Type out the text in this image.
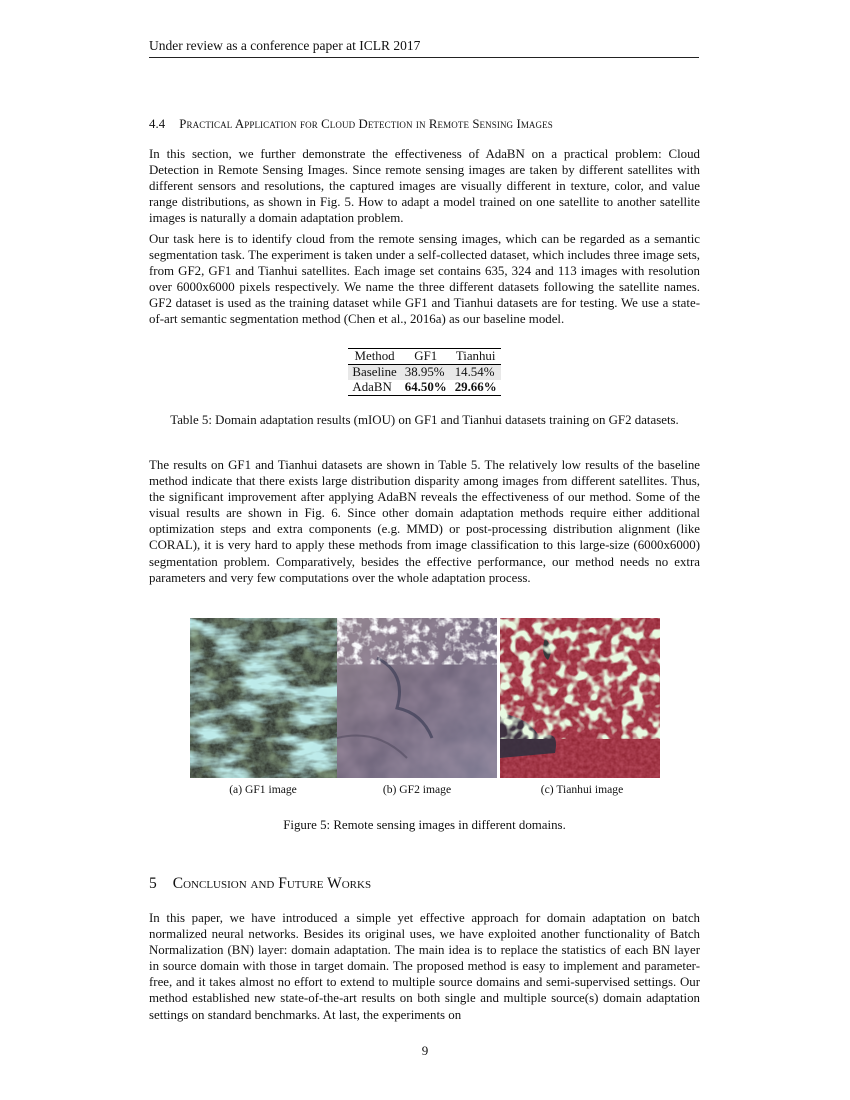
Under review as a conference paper at ICLR 2017
4.4 Practical Application for Cloud Detection in Remote Sensing Images

In this section, we further demonstrate the effectiveness of AdaBN on a practical problem: Cloud Detection in Remote Sensing Images. Since remote sensing images are taken by different satellites with different sensors and resolutions, the captured images are visually different in texture, color, and value range distributions, as shown in Fig. 5. How to adapt a model trained on one satellite to another satellite images is naturally a domain adaptation problem.

Our task here is to identify cloud from the remote sensing images, which can be regarded as a semantic segmentation task. The experiment is taken under a self-collected dataset, which includes three image sets, from GF2, GF1 and Tianhui satellites. Each image set contains 635, 324 and 113 images with resolution over 6000x6000 pixels respectively. We name the three different datasets following the satellite names. GF2 dataset is used as the training dataset while GF1 and Tianhui datasets are for testing. We use a state-of-art semantic segmentation method (Chen et al., 2016a) as our baseline model.

Method	GF1	Tianhui
Baseline	38.95%	14.54%
AdaBN	64.50%	29.66%
Table 5: Domain adaptation results (mIOU) on GF1 and Tianhui datasets training on GF2 datasets.

The results on GF1 and Tianhui datasets are shown in Table 5. The relatively low results of the baseline method indicate that there exists large distribution disparity among images from different satellites. Thus, the significant improvement after applying AdaBN reveals the effectiveness of our method. Some of the visual results are shown in Fig. 6. Since other domain adaptation methods require either additional optimization steps and extra components (e.g. MMD) or post-processing distribution alignment (like CORAL), it is very hard to apply these methods from image classification to this large-size (6000x6000) segmentation problem. Comparatively, besides the effective performance, our method needs no extra parameters and very few computations over the whole adaptation process.

(a) GF1 image	(b) GF2 image	(c) Tianhui image
Figure 5: Remote sensing images in different domains.
5 Conclusion and Future Works

In this paper, we have introduced a simple yet effective approach for domain adaptation on batch normalized neural networks. Besides its original uses, we have exploited another functionality of Batch Normalization (BN) layer: domain adaptation. The main idea is to replace the statistics of each BN layer in source domain with those in target domain. The proposed method is easy to implement and parameter-free, and it takes almost no effort to extend to multiple source domains and semi-supervised settings. Our method established new state-of-the-art results on both single and multiple source(s) domain adaptation settings on standard benchmarks. At last, the experiments on

9
